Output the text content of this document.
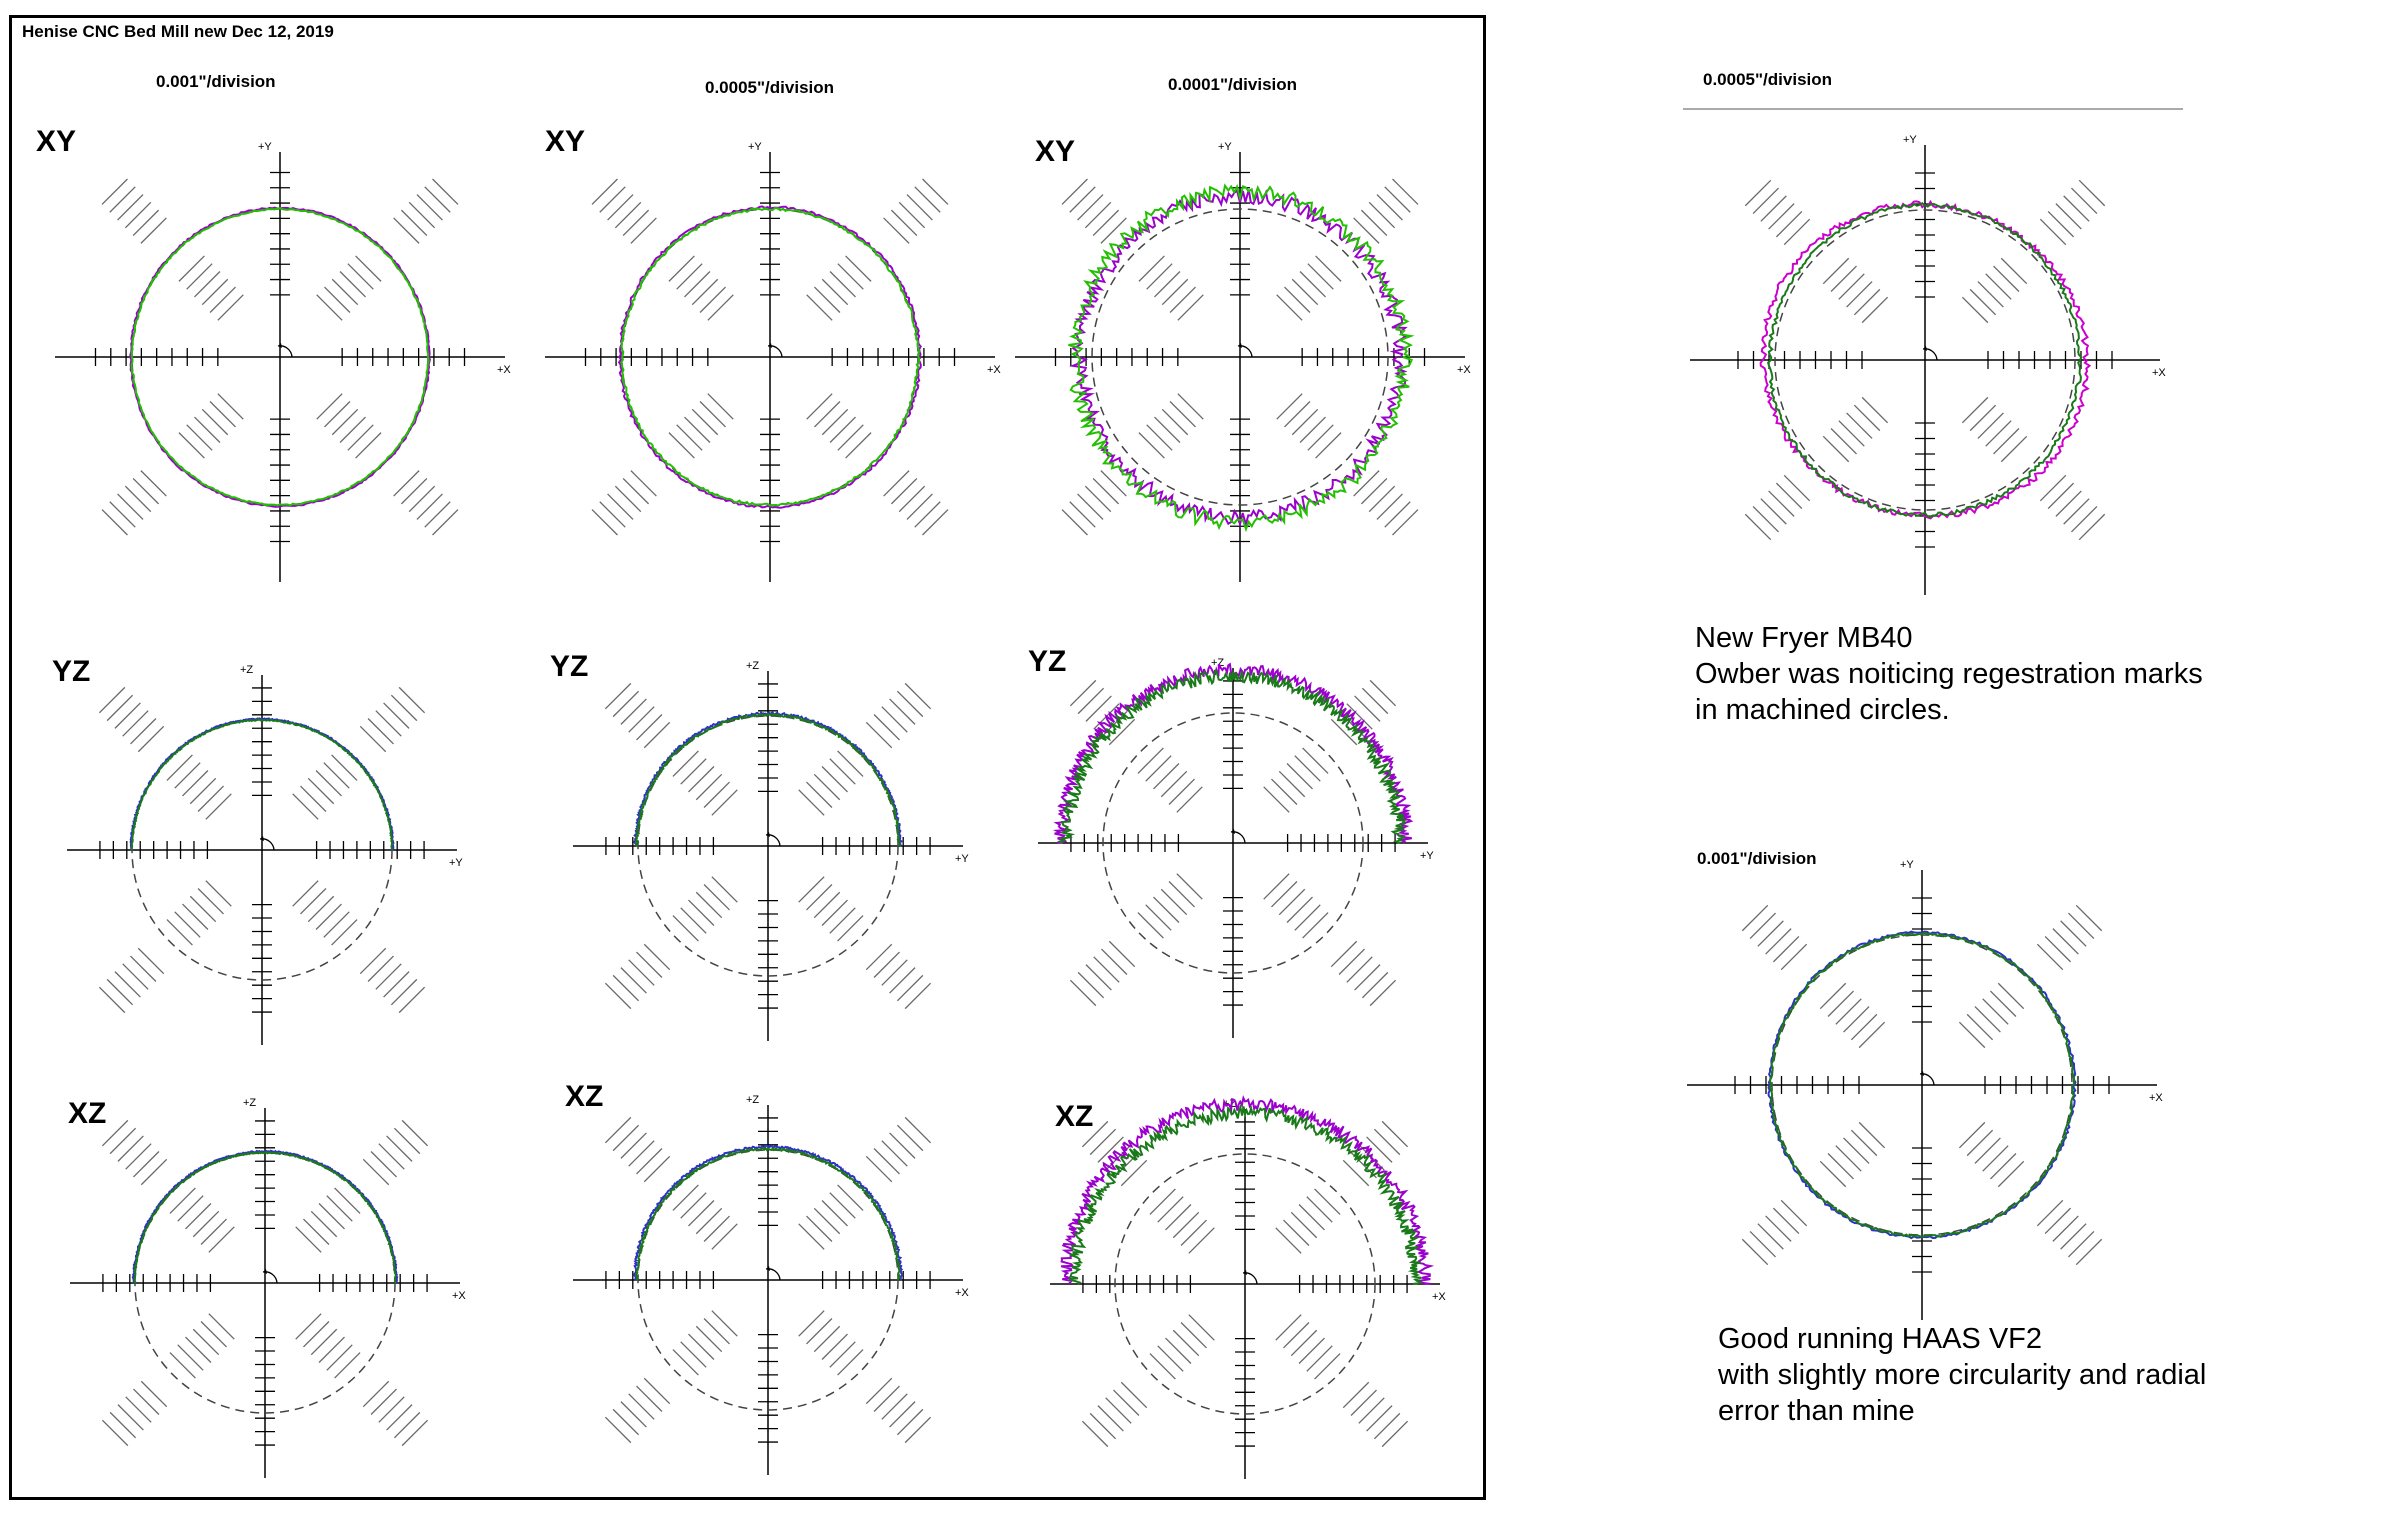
Henise CNC Bed Mill new Dec 12, 2019
0.001"/division	0.0005"/division	0.0001"/division
XY	XY	XY
YZ	YZ	YZ
XZ
XZ
XZ
0.0005"/division
0.001"/division
New Fryer MB40
Owber was noiticing regestration marks
in machined circles.
Good running HAAS VF2
with slightly more circularity and radial
error than mine
+X
+Y
+X
+Y
+X
+Y
+Y
+Z
+Y
+Z
+Y
+Z
+X
+Z
+X
+Z
+X
+Z
+X
+Y
+X
+Y
